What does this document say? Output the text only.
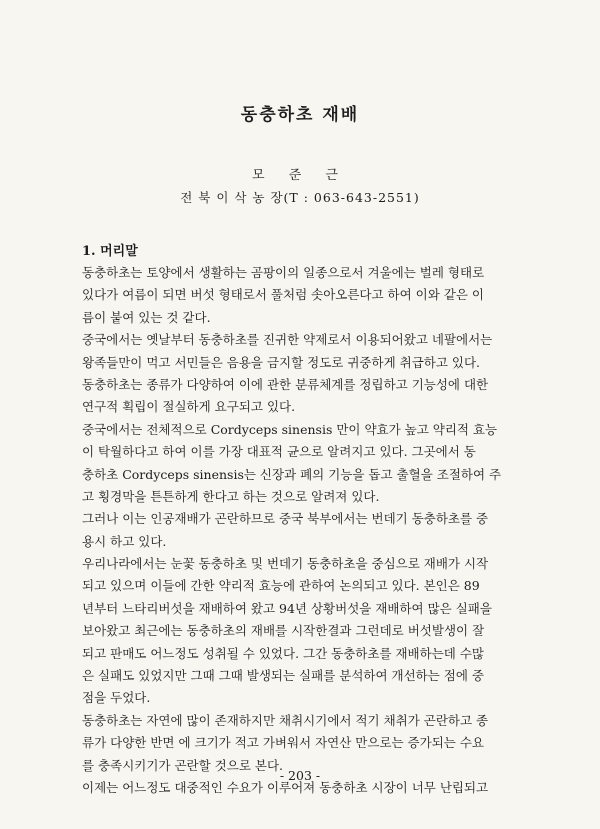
동충하초 재배
모 준 근
전 북 이 삭 농 장(T : 063-643-2551)
1. 머리말
동충하초는 토양에서 생활하는 곰팡이의 일종으로서 겨울에는 벌레 형태로
있다가 여름이 되면 버섯 형태로서 풀처럼 솟아오른다고 하여 이와 같은 이
름이 붙여 있는 것 같다.
중국에서는 옛날부터 동충하초를 진귀한 약제로서 이용되어왔고 네팔에서는
왕족들만이 먹고 서민들은 음용을 금지할 정도로 귀중하게 취급하고 있다.
동충하초는 종류가 다양하여 이에 관한 분류체계를 정립하고 기능성에 대한
연구적 획립이 절실하게 요구되고 있다.
중국에서는 전체적으로 Cordyceps sinensis 만이 약효가 높고 약리적 효능
이 탁월하다고 하여 이를 가장 대표적 균으로 알려지고 있다. 그곳에서 동
충하초 Cordyceps sinensis는 신장과 폐의 기능을 돕고 출혈을 조절하여 주
고 횡경막을 튼튼하게 한다고 하는 것으로 알려져 있다.
그러나 이는 인공재배가 곤란하므로 중국 북부에서는 번데기 동충하초를 중
용시 하고 있다.
우리나라에서는 눈꽃 동충하초 및 번데기 동충하초을 중심으로 재배가 시작
되고 있으며 이들에 간한 약리적 효능에 관하여 논의되고 있다. 본인은 89
년부터 느타리버섯을 재배하여 왔고 94년 상황버섯을 재배하여 많은 실패을
보아왔고 최근에는 동충하초의 재배를 시작한결과 그런데로 버섯발생이 잘
되고 판매도 어느정도 성취될 수 있었다. 그간 동충하초를 재배하는데 수많
은 실패도 있었지만 그때 그때 발생되는 실패를 분석하여 개선하는 점에 중
점을 두었다.
동충하초는 자연에 많이 존재하지만 채취시기에서 적기 채취가 곤란하고 종
류가 다양한 반면 에 크기가 적고 가벼워서 자연산 만으로는 증가되는 수요
를 충족시키기가 곤란할 것으로 본다.
이제는 어느정도 대중적인 수요가 이루어져 동충하초 시장이 너무 난립되고
- 203 -
